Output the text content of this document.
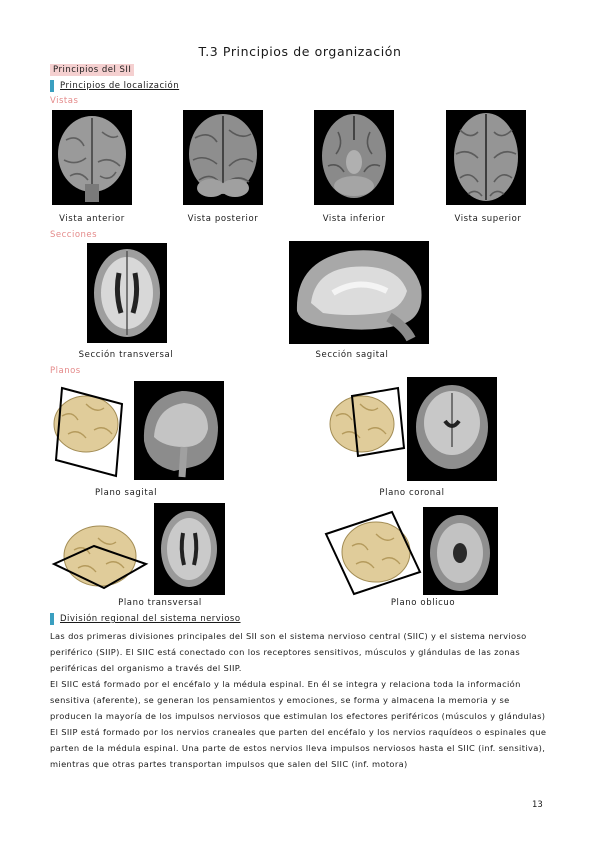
T.3 Principios de organización
Principios del SII
Principios de localización
Vistas
Vista anterior	Vista posterior	Vista inferior	Vista superior
Secciones
Sección transversal	Sección sagital
Planos
Plano sagital	Plano coronal
Plano transversal	Plano oblicuo
División regional del sistema nervioso

Las dos primeras divisiones principales del SII son el sistema nervioso central (SIIC) y el sistema nervioso periférico (SIIP). El SIIC está conectado con los receptores sensitivos, músculos y glándulas de las zonas periféricas del organismo a través del SIIP.

El SIIC está formado por el encéfalo y la médula espinal. En él se integra y relaciona toda la información sensitiva (aferente), se generan los pensamientos y emociones, se forma y almacena la memoria y se producen la mayoría de los impulsos nerviosos que estimulan los efectores periféricos (músculos y glándulas)

El SIIP está formado por los nervios craneales que parten del encéfalo y los nervios raquídeos o espinales que parten de la médula espinal. Una parte de estos nervios lleva impulsos nerviosos hasta el SIIC (inf. sensitiva), mientras que otras partes transportan impulsos que salen del SIIC (inf. motora)

13
